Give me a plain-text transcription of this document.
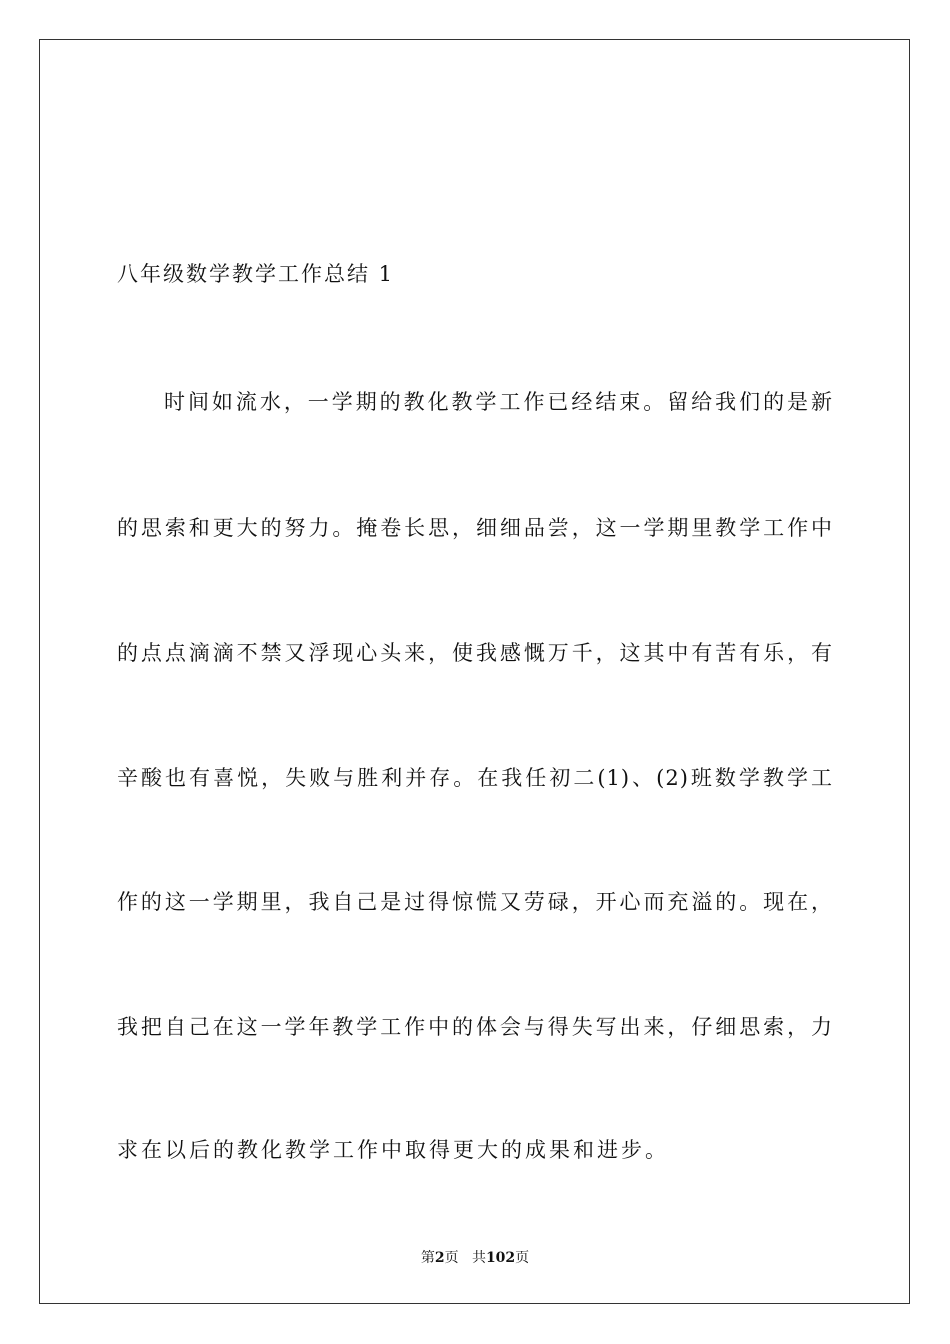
八年级数学教学工作总结 1
时间如流水，一学期的教化教学工作已经结束。留给我们的是新
的思索和更大的努力。掩卷长思，细细品尝，这一学期里教学工作中
的点点滴滴不禁又浮现心头来，使我感慨万千，这其中有苦有乐，有
辛酸也有喜悦，失败与胜利并存。在我任初二(1)、(2)班数学教学工
作的这一学期里，我自己是过得惊慌又劳碌，开心而充溢的。现在，
我把自己在这一学年教学工作中的体会与得失写出来，仔细思索，力
求在以后的教化教学工作中取得更大的成果和进步。
第2页 共102页
